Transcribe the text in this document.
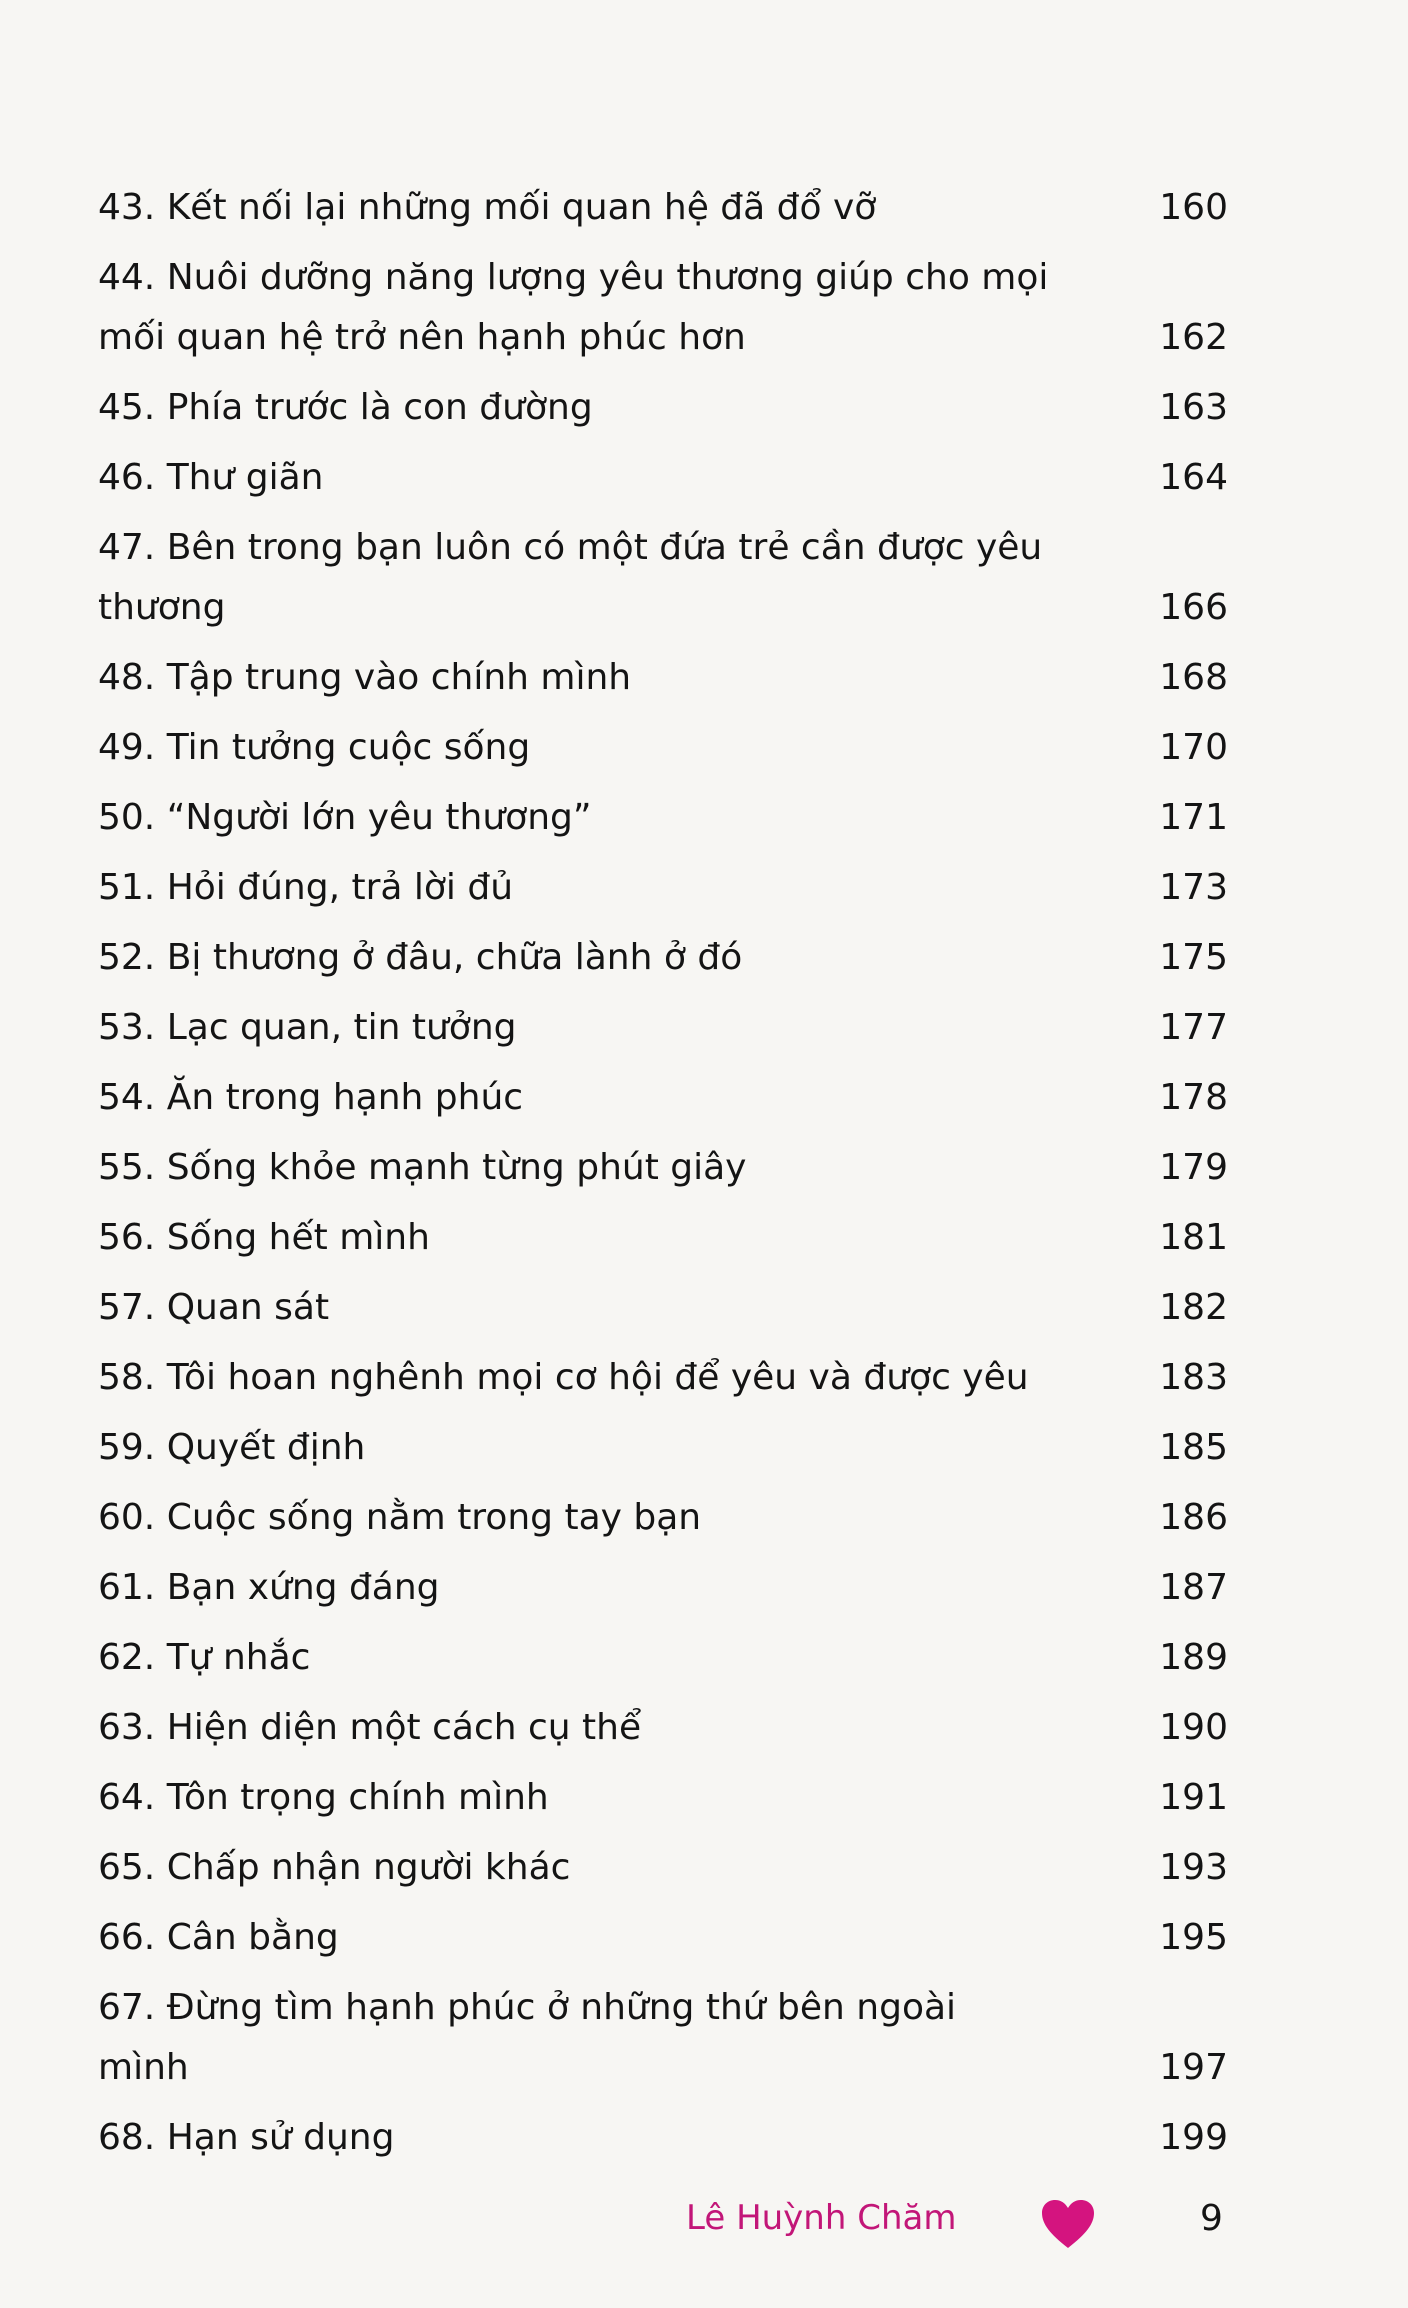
43. Kết nối lại những mối quan hệ đã đổ vỡ	160
44. Nuôi dưỡng năng lượng yêu thương giúp cho mọi mối quan hệ trở nên hạnh phúc hơn	162
45. Phía trước là con đường	163
46. Thư giãn	164
47. Bên trong bạn luôn có một đứa trẻ cần được yêu thương	166
48. Tập trung vào chính mình	168
49. Tin tưởng cuộc sống	170
50. “Người lớn yêu thương”	171
51. Hỏi đúng, trả lời đủ	173
52. Bị thương ở đâu, chữa lành ở đó	175
53. Lạc quan, tin tưởng	177
54. Ăn trong hạnh phúc	178
55. Sống khỏe mạnh từng phút giây	179
56. Sống hết mình	181
57. Quan sát	182
58. Tôi hoan nghênh mọi cơ hội để yêu và được yêu	183
59. Quyết định	185
60. Cuộc sống nằm trong tay bạn	186
61. Bạn xứng đáng	187
62. Tự nhắc	189
63. Hiện diện một cách cụ thể	190
64. Tôn trọng chính mình	191
65. Chấp nhận người khác	193
66. Cân bằng	195
67. Đừng tìm hạnh phúc ở những thứ bên ngoài mình	197
68. Hạn sử dụng	199
Lê Huỳnh Chăm	9
